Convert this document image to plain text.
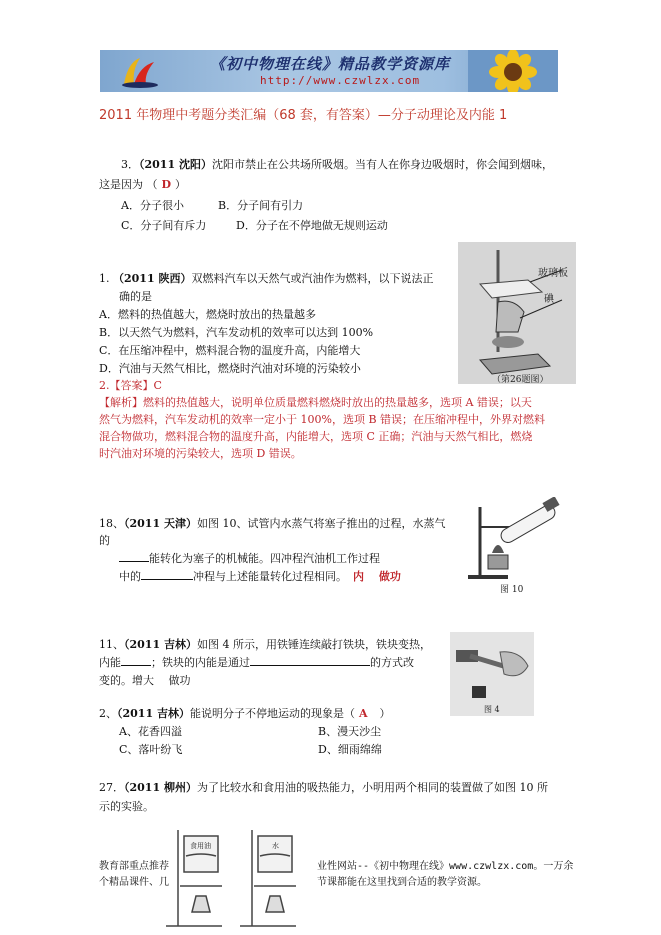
《初中物理在线》精品教学资源库
http://www.czwlzx.com
2011 年物理中考题分类汇编（68 套，有答案）—分子动理论及内能 1
3．（2011 沈阳）沈阳市禁止在公共场所吸烟。当有人在你身边吸烟时，你会闻到烟味，
这是因为 （ D ）
A．分子很小	B．分子间有引力
C．分子间有斥力	D．分子在不停地做无规则运动
玻璃板
碘
（第26题图）
1. （2011 陕西）双燃料汽车以天然气或汽油作为燃料，以下说法正
确的是
A．燃料的热值越大，燃烧时放出的热量越多
B．以天然气为燃料，汽车发动机的效率可以达到 100%
C．在压缩冲程中，燃料混合物的温度升高，内能增大
D．汽油与天然气相比，燃烧时汽油对环境的污染较小
2.【答案】C
【解析】燃料的热值越大，说明单位质量燃料燃烧时放出的热量越多，选项 A 错误；以天
然气为燃料，汽车发动机的效率一定小于 100%，选项 B 错误；在压缩冲程中，外界对燃料
混合物做功，燃料混合物的温度升高，内能增大，选项 C 正确；汽油与天然气相比，燃烧
时汽油对环境的污染较大，选项 D 错误。
图 10
18、（2011 天津）如图 10、试管内水蒸气将塞子推出的过程，水蒸气
的
能转化为塞子的机械能。四冲程汽油机工作过程
中的	冲程与上述能量转化过程相同。 内　 做功
图 4
11、（2011 吉林）如图 4 所示，用铁锤连续敲打铁块，铁块变热，
内能	；铁块的内能是通过	的方式改
变的。增大　 做功
2、（2011 吉林）能说明分子不停地运动的现象是（ A ）
A、花香四溢	B、漫天沙尘
C、落叶纷飞	D、细雨绵绵
27．（2011 柳州）为了比较水和食用油的吸热能力，小明用两个相同的装置做了如图 10 所
示的实验。
食用油	水
教育部重点推荐
个精品课件、几
业性网站--《初中物理在线》www.czwlzx.com。一万余
节课都能在这里找到合适的教学资源。
